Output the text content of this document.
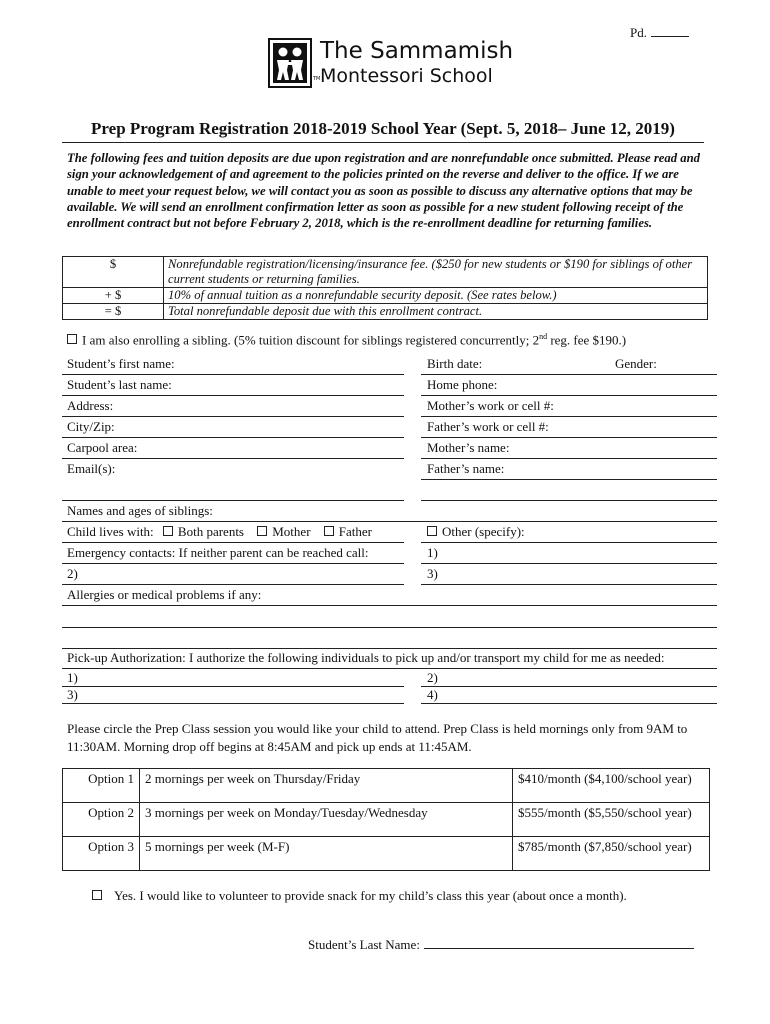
Pd.
The Sammamish
Montessori School
TM
Prep Program Registration 2018-2019 School Year (Sept. 5, 2018– June 12, 2019)
The following fees and tuition deposits are due upon registration and are nonrefundable once submitted. Please read and sign your acknowledgement of and agreement to the policies printed on the reverse and deliver to the office. If we are unable to meet your request below, we will contact you as soon as possible to discuss any alternative options that may be available. We will send an enrollment confirmation letter as soon as possible for a new student following receipt of the enrollment contract but not before February 2, 2018, which is the re-enrollment deadline for returning families.
$	Nonrefundable registration/licensing/insurance fee. ($250 for new students or $190 for siblings of other current students or returning families.
+ $	10% of annual tuition as a nonrefundable security deposit. (See rates below.)
= $	Total nonrefundable deposit due with this enrollment contract.
I am also enrolling a sibling. (5% tuition discount for siblings registered concurrently; 2nd reg. fee $190.)
Student’s first name:
Student’s last name:
Address:
City/Zip:
Carpool area:
Email(s):
Birth date:	Gender:
Home phone:
Mother’s work or cell #:
Father’s work or cell #:
Mother’s name:
Father’s name:
Names and ages of siblings:
Child lives with: Both parents Mother Father	Other (specify):
Emergency contacts: If neither parent can be reached call:	1)
2)	3)
Allergies or medical problems if any:
Pick-up Authorization: I authorize the following individuals to pick up and/or transport my child for me as needed:
1)	2)
3)	4)
Please circle the Prep Class session you would like your child to attend. Prep Class is held mornings only from 9AM to 11:30AM. Morning drop off begins at 8:45AM and pick up ends at 11:45AM.
Option 1	2 mornings per week on Thursday/Friday	$410/month ($4,100/school year)
Option 2	3 mornings per week on Monday/Tuesday/Wednesday	$555/month ($5,550/school year)
Option 3	5 mornings per week (M-F)	$785/month ($7,850/school year)
Yes. I would like to volunteer to provide snack for my child’s class this year (about once a month).
Student’s Last Name:
